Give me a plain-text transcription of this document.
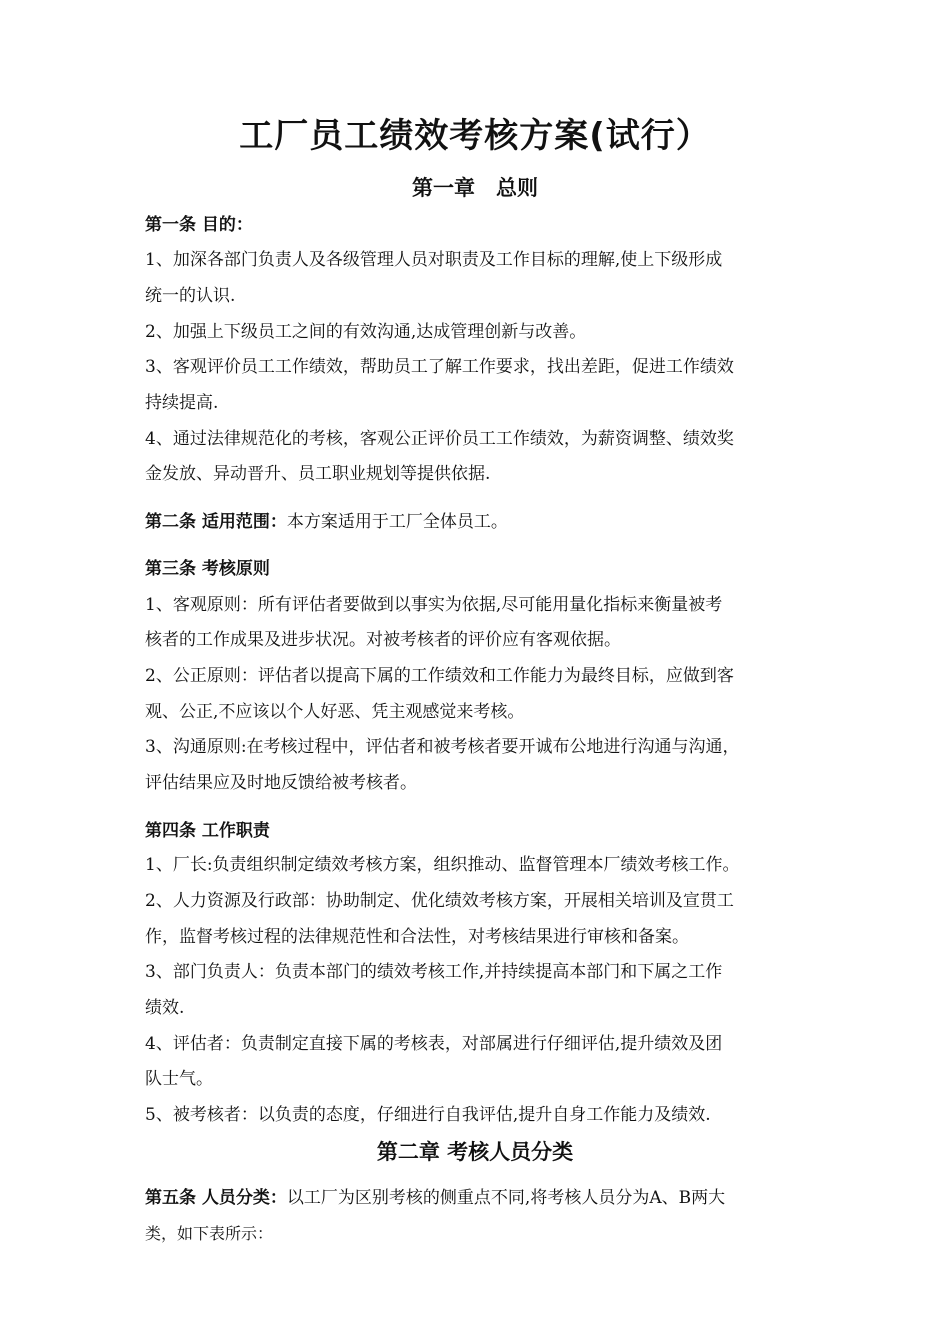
工厂员工绩效考核方案(试行）
第一章　总则
第一条 目的：
1、加深各部门负责人及各级管理人员对职责及工作目标的理解,使上下级形成
统一的认识.
2、加强上下级员工之间的有效沟通,达成管理创新与改善。
3、客观评价员工工作绩效，帮助员工了解工作要求，找出差距，促进工作绩效
持续提高.
4、通过法律规范化的考核，客观公正评价员工工作绩效，为薪资调整、绩效奖
金发放、异动晋升、员工职业规划等提供依据.
第二条 适用范围：本方案适用于工厂全体员工。
第三条 考核原则
1、客观原则：所有评估者要做到以事实为依据,尽可能用量化指标来衡量被考
核者的工作成果及进步状况。对被考核者的评价应有客观依据。
2、公正原则：评估者以提高下属的工作绩效和工作能力为最终目标，应做到客
观、公正,不应该以个人好恶、凭主观感觉来考核。
3、沟通原则:在考核过程中，评估者和被考核者要开诚布公地进行沟通与沟通，
评估结果应及时地反馈给被考核者。
第四条 工作职责
1、厂长:负责组织制定绩效考核方案，组织推动、监督管理本厂绩效考核工作。
2、人力资源及行政部：协助制定、优化绩效考核方案，开展相关培训及宣贯工
作，监督考核过程的法律规范性和合法性，对考核结果进行审核和备案。
3、部门负责人：负责本部门的绩效考核工作,并持续提高本部门和下属之工作
绩效.
4、评估者：负责制定直接下属的考核表，对部属进行仔细评估,提升绩效及团
队士气。
5、被考核者：以负责的态度，仔细进行自我评估,提升自身工作能力及绩效.
第二章 考核人员分类
第五条 人员分类：以工厂为区别考核的侧重点不同,将考核人员分为A、B两大
类，如下表所示：
